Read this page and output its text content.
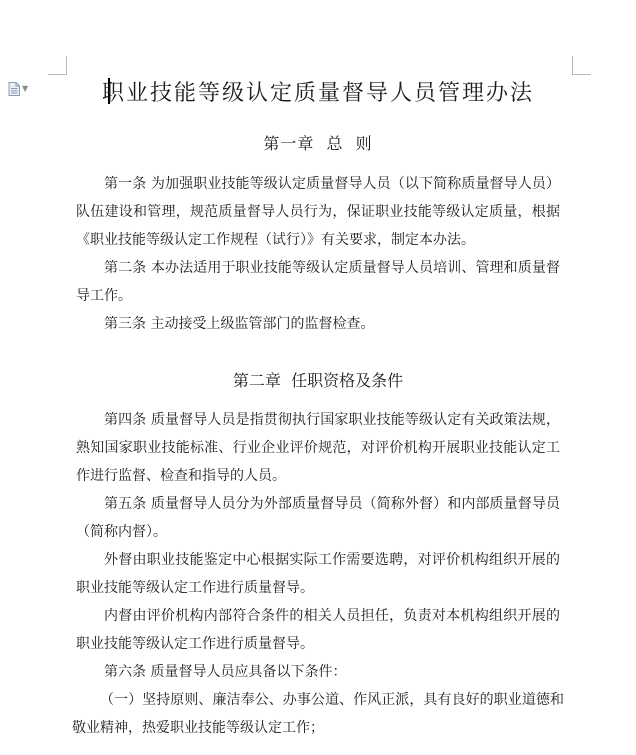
▼	职业技能等级认定质量督导人员管理办法
第一章  总  则

第一条 为加强职业技能等级认定质量督导人员（以下简称质量督导人员）队伍建设和管理，规范质量督导人员行为，保证职业技能等级认定质量，根据《职业技能等级认定工作规程（试行）》有关要求，制定本办法。

第二条 本办法适用于职业技能等级认定质量督导人员培训、管理和质量督导工作。

第三条 主动接受上级监管部门的监督检查。

第二章  任职资格及条件

第四条 质量督导人员是指贯彻执行国家职业技能等级认定有关政策法规，熟知国家职业技能标准、行业企业评价规范，对评价机构开展职业技能认定工作进行监督、检查和指导的人员。

第五条 质量督导人员分为外部质量督导员（简称外督）和内部质量督导员（简称内督）。

外督由职业技能鉴定中心根据实际工作需要选聘，对评价机构组织开展的职业技能等级认定工作进行质量督导。

内督由评价机构内部符合条件的相关人员担任，负责对本机构组织开展的职业技能等级认定工作进行质量督导。

第六条 质量督导人员应具备以下条件：

（一）坚持原则、廉洁奉公、办事公道、作风正派，具有良好的职业道德和敬业精神，热爱职业技能等级认定工作；
